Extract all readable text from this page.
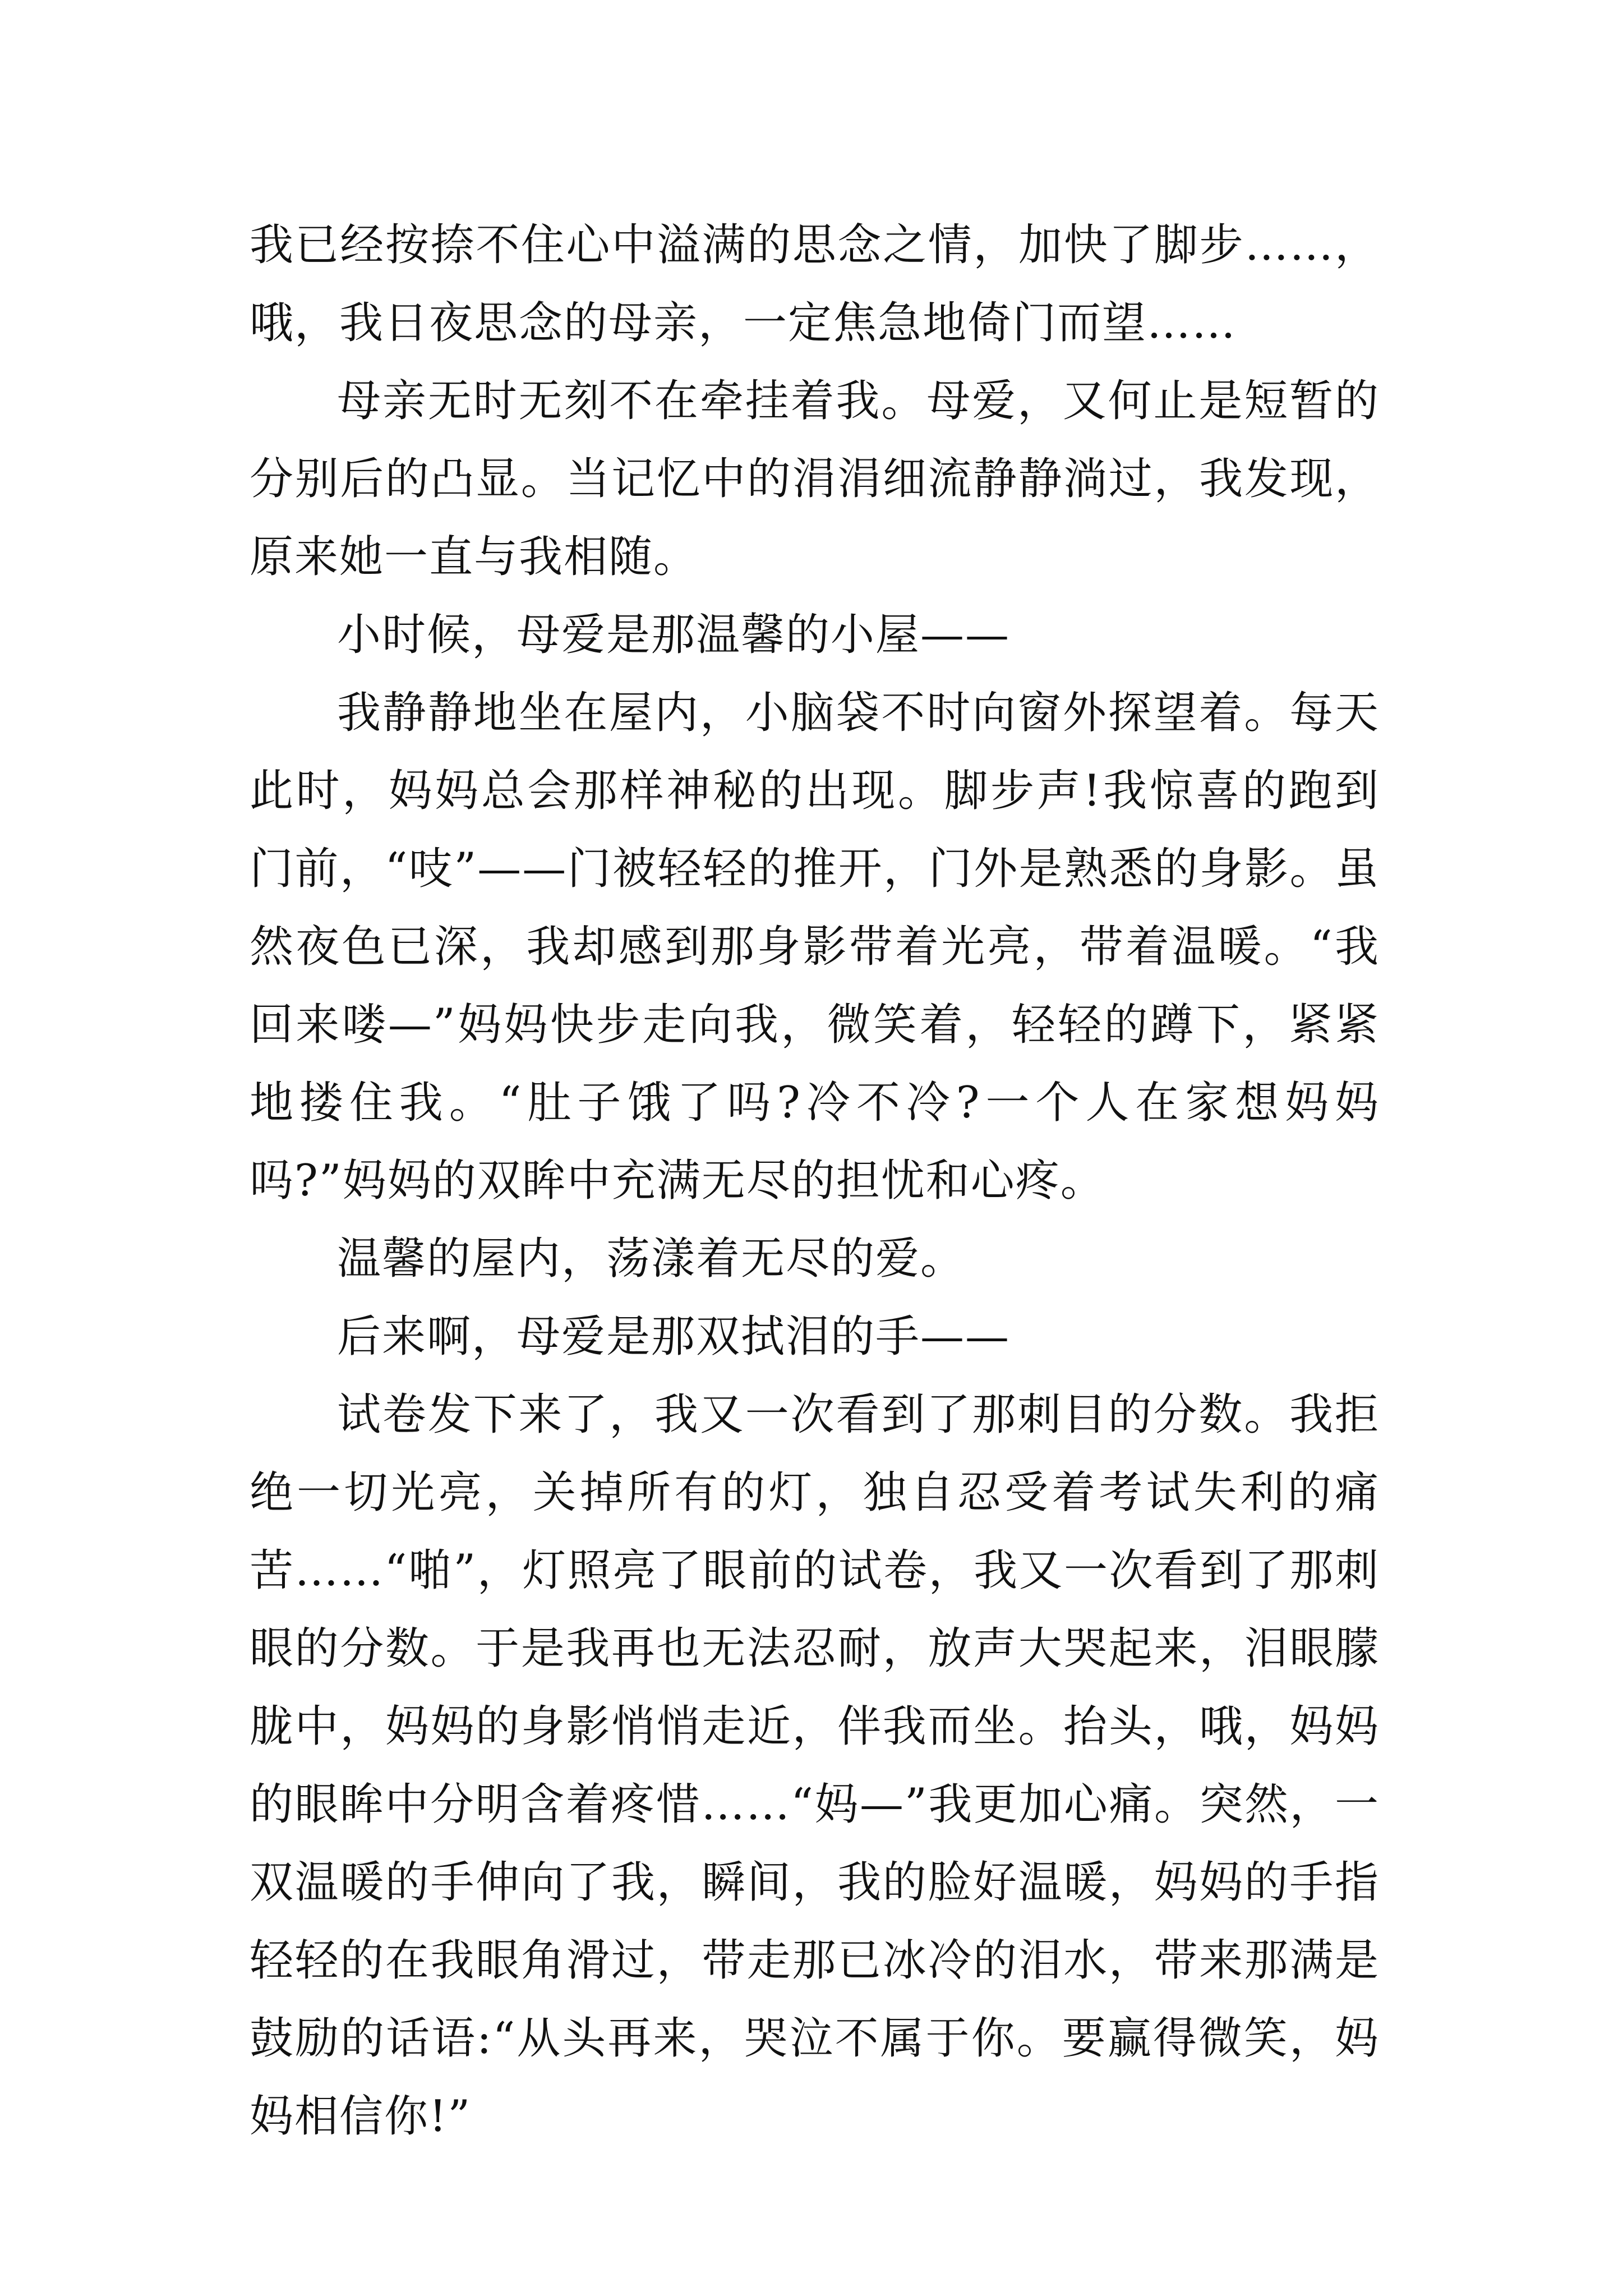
我已经按捺不住心中溢满的思念之情，加快了脚步……，哦，我日夜思念的母亲，一定焦急地倚门而望……

母亲无时无刻不在牵挂着我。母爱，又何止是短暂的分别后的凸显。当记忆中的涓涓细流静静淌过，我发现，原来她一直与我相随。

小时候，母爱是那温馨的小屋——

我静静地坐在屋内，小脑袋不时向窗外探望着。每天此时，妈妈总会那样神秘的出现。脚步声!我惊喜的跑到门前，“吱”——门被轻轻的推开，门外是熟悉的身影。虽然夜色已深，我却感到那身影带着光亮，带着温暖。“我回来喽—”妈妈快步走向我，微笑着，轻轻的蹲下，紧紧地搂住我。“肚子饿了吗?冷不冷?一个人在家想妈妈吗?”妈妈的双眸中充满无尽的担忧和心疼。

温馨的屋内，荡漾着无尽的爱。

后来啊，母爱是那双拭泪的手——

试卷发下来了，我又一次看到了那刺目的分数。我拒绝一切光亮，关掉所有的灯，独自忍受着考试失利的痛苦……“啪”，灯照亮了眼前的试卷，我又一次看到了那刺眼的分数。于是我再也无法忍耐，放声大哭起来，泪眼朦胧中，妈妈的身影悄悄走近，伴我而坐。抬头，哦，妈妈的眼眸中分明含着疼惜……“妈—”我更加心痛。突然，一双温暖的手伸向了我，瞬间，我的脸好温暖，妈妈的手指轻轻的在我眼角滑过，带走那已冰冷的泪水，带来那满是鼓励的话语:“从头再来，哭泣不属于你。要赢得微笑，妈妈相信你!”
